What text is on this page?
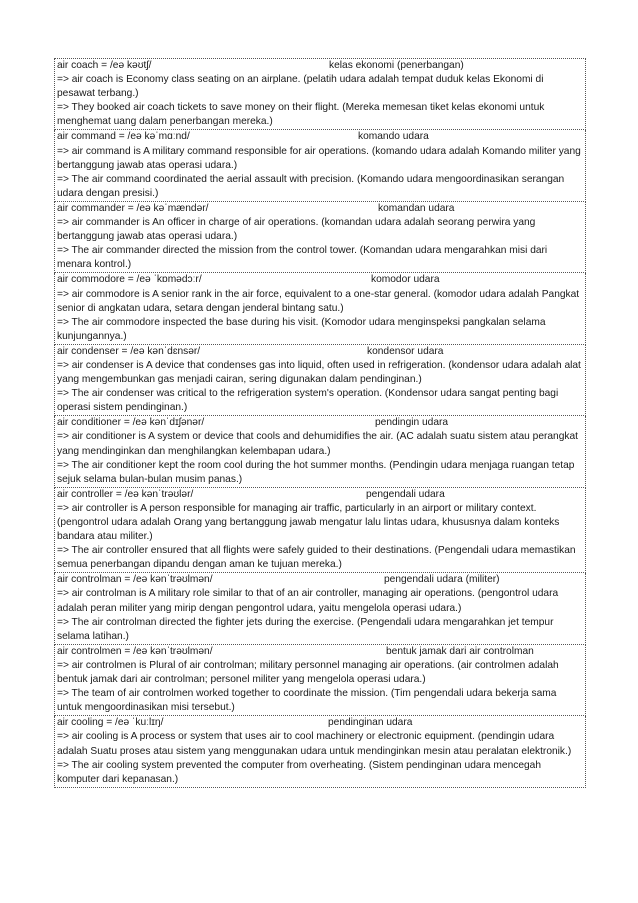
air coach = /eə kəʊtʃ/	kelas ekonomi (penerbangan)
=> air coach is Economy class seating on an airplane. (pelatih udara adalah tempat duduk kelas Ekonomi di pesawat terbang.)
=> They booked air coach tickets to save money on their flight. (Mereka memesan tiket kelas ekonomi untuk menghemat uang dalam penerbangan mereka.)
air command = /eə kəˈmɑːnd/	komando udara
=> air command is A military command responsible for air operations. (komando udara adalah Komando militer yang bertanggung jawab atas operasi udara.)
=> The air command coordinated the aerial assault with precision. (Komando udara mengoordinasikan serangan udara dengan presisi.)
air commander = /eə kəˈmændər/	komandan udara
=> air commander is An officer in charge of air operations. (komandan udara adalah seorang perwira yang bertanggung jawab atas operasi udara.)
=> The air commander directed the mission from the control tower. (Komandan udara mengarahkan misi dari menara kontrol.)
air commodore = /eə ˈkɒmədɔːr/	komodor udara
=> air commodore is A senior rank in the air force, equivalent to a one-star general. (komodor udara adalah Pangkat senior di angkatan udara, setara dengan jenderal bintang satu.)
=> The air commodore inspected the base during his visit. (Komodor udara menginspeksi pangkalan selama kunjungannya.)
air condenser = /eə kənˈdɛnsər/	kondensor udara
=> air condenser is A device that condenses gas into liquid, often used in refrigeration. (kondensor udara adalah alat yang mengembunkan gas menjadi cairan, sering digunakan dalam pendinginan.)
=> The air condenser was critical to the refrigeration system's operation. (Kondensor udara sangat penting bagi operasi sistem pendinginan.)
air conditioner = /eə kənˈdɪʃənər/	pendingin udara
=> air conditioner is A system or device that cools and dehumidifies the air. (AC adalah suatu sistem atau perangkat yang mendinginkan dan menghilangkan kelembapan udara.)
=> The air conditioner kept the room cool during the hot summer months. (Pendingin udara menjaga ruangan tetap sejuk selama bulan-bulan musim panas.)
air controller = /eə kənˈtrəʊlər/	pengendali udara
=> air controller is A person responsible for managing air traffic, particularly in an airport or military context. (pengontrol udara adalah Orang yang bertanggung jawab mengatur lalu lintas udara, khususnya dalam konteks bandara atau militer.)
=> The air controller ensured that all flights were safely guided to their destinations. (Pengendali udara memastikan semua penerbangan dipandu dengan aman ke tujuan mereka.)
air controlman = /eə kənˈtrəʊlmən/	pengendali udara (militer)
=> air controlman is A military role similar to that of an air controller, managing air operations. (pengontrol udara adalah peran militer yang mirip dengan pengontrol udara, yaitu mengelola operasi udara.)
=> The air controlman directed the fighter jets during the exercise. (Pengendali udara mengarahkan jet tempur selama latihan.)
air controlmen = /eə kənˈtrəʊlmən/	bentuk jamak dari air controlman
=> air controlmen is Plural of air controlman; military personnel managing air operations. (air controlmen adalah bentuk jamak dari air controlman; personel militer yang mengelola operasi udara.)
=> The team of air controlmen worked together to coordinate the mission. (Tim pengendali udara bekerja sama untuk mengoordinasikan misi tersebut.)
air cooling = /eə ˈkuːlɪŋ/	pendinginan udara
=> air cooling is A process or system that uses air to cool machinery or electronic equipment. (pendingin udara adalah Suatu proses atau sistem yang menggunakan udara untuk mendinginkan mesin atau peralatan elektronik.)
=> The air cooling system prevented the computer from overheating. (Sistem pendinginan udara mencegah komputer dari kepanasan.)
